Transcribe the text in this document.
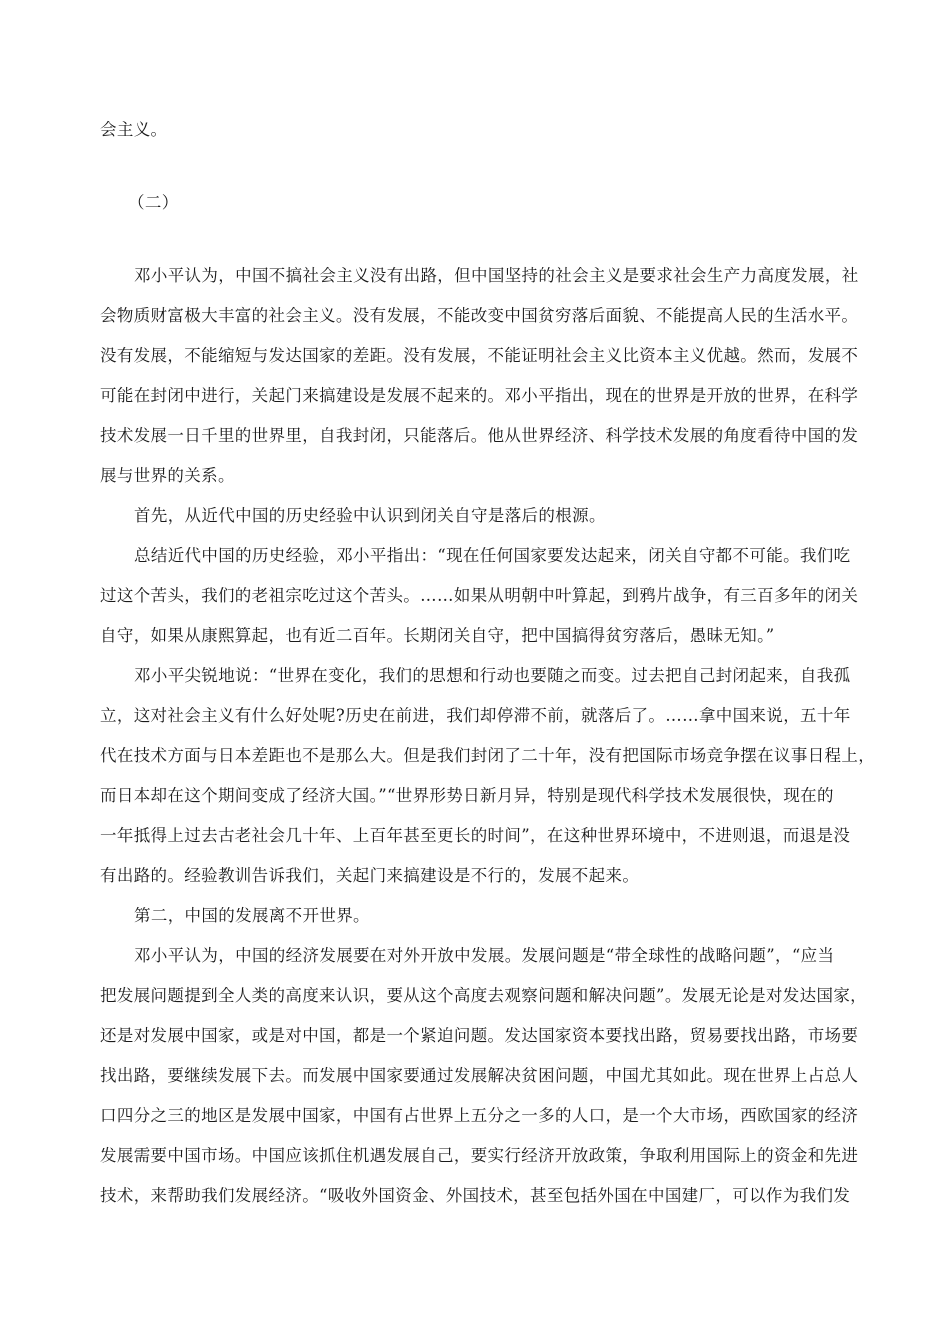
会主义。
（二）
邓小平认为，中国不搞社会主义没有出路，但中国坚持的社会主义是要求社会生产力高度发展，社
会物质财富极大丰富的社会主义。没有发展，不能改变中国贫穷落后面貌、不能提高人民的生活水平。
没有发展，不能缩短与发达国家的差距。没有发展，不能证明社会主义比资本主义优越。然而，发展不
可能在封闭中进行，关起门来搞建设是发展不起来的。邓小平指出，现在的世界是开放的世界，在科学
技术发展一日千里的世界里，自我封闭，只能落后。他从世界经济、科学技术发展的角度看待中国的发
展与世界的关系。
首先，从近代中国的历史经验中认识到闭关自守是落后的根源。
总结近代中国的历史经验，邓小平指出：“现在任何国家要发达起来，闭关自守都不可能。我们吃
过这个苦头，我们的老祖宗吃过这个苦头。……如果从明朝中叶算起，到鸦片战争，有三百多年的闭关
自守，如果从康熙算起，也有近二百年。长期闭关自守，把中国搞得贫穷落后，愚昧无知。”
邓小平尖锐地说：“世界在变化，我们的思想和行动也要随之而变。过去把自己封闭起来，自我孤
立，这对社会主义有什么好处呢?历史在前进，我们却停滞不前，就落后了。……拿中国来说，五十年
代在技术方面与日本差距也不是那么大。但是我们封闭了二十年，没有把国际市场竞争摆在议事日程上，
而日本却在这个期间变成了经济大国。”“世界形势日新月异，特别是现代科学技术发展很快，现在的
一年抵得上过去古老社会几十年、上百年甚至更长的时间”，在这种世界环境中，不进则退，而退是没
有出路的。经验教训告诉我们，关起门来搞建设是不行的，发展不起来。
第二，中国的发展离不开世界。
邓小平认为，中国的经济发展要在对外开放中发展。发展问题是“带全球性的战略问题”，“应当
把发展问题提到全人类的高度来认识，要从这个高度去观察问题和解决问题”。发展无论是对发达国家，
还是对发展中国家，或是对中国，都是一个紧迫问题。发达国家资本要找出路，贸易要找出路，市场要
找出路，要继续发展下去。而发展中国家要通过发展解决贫困问题，中国尤其如此。现在世界上占总人
口四分之三的地区是发展中国家，中国有占世界上五分之一多的人口，是一个大市场，西欧国家的经济
发展需要中国市场。中国应该抓住机遇发展自己，要实行经济开放政策，争取利用国际上的资金和先进
技术，来帮助我们发展经济。“吸收外国资金、外国技术，甚至包括外国在中国建厂，可以作为我们发
